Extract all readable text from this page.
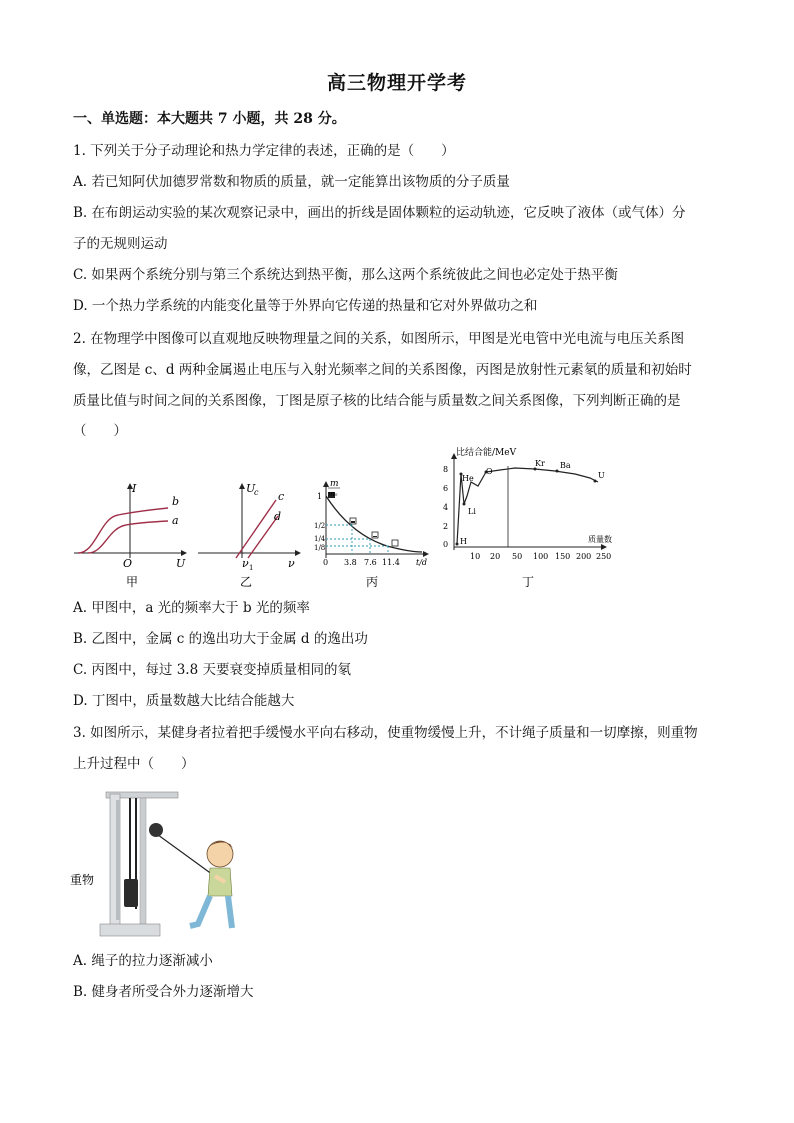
高三物理开学考
一、单选题：本大题共 7 小题，共 28 分。
1. 下列关于分子动理论和热力学定律的表述，正确的是（　　）
A. 若已知阿伏加德罗常数和物质的质量，就一定能算出该物质的分子质量
B. 在布朗运动实验的某次观察记录中，画出的折线是固体颗粒的运动轨迹，它反映了液体（或气体）分
子的无规则运动
C. 如果两个系统分别与第三个系统达到热平衡，那么这两个系统彼此之间也必定处于热平衡
D. 一个热力学系统的内能变化量等于外界向它传递的热量和它对外界做功之和
2. 在物理学中图像可以直观地反映物理量之间的关系，如图所示，甲图是光电管中光电流与电压关系图
像，乙图是 c、d 两种金属遏止电压与入射光频率之间的关系图像，丙图是放射性元素氡的质量和初始时
质量比值与时间之间的关系图像，丁图是原子核的比结合能与质量数之间关系图像，下列判断正确的是
（　　）
I
b
a
O	U
甲
U
c c
d
ν 1	ν
乙
m
m₀
1
1/2
1/4
1/8
0 3.8 7.6 11.4 t/d
丙
比结合能/MeV
8
6
4
2
0
10 20 50 100 150 200 250
质量数
He
Li
H
O
Kr Ba
U
丁
A. 甲图中，a 光的频率大于 b 光的频率
B. 乙图中，金属 c 的逸出功大于金属 d 的逸出功
C. 丙图中，每过 3.8 天要衰变掉质量相同的氡
D. 丁图中，质量数越大比结合能越大
3. 如图所示，某健身者拉着把手缓慢水平向右移动，使重物缓慢上升，不计绳子质量和一切摩擦，则重物
上升过程中（　　）
重物
A. 绳子的拉力逐渐减小
B. 健身者所受合外力逐渐增大
